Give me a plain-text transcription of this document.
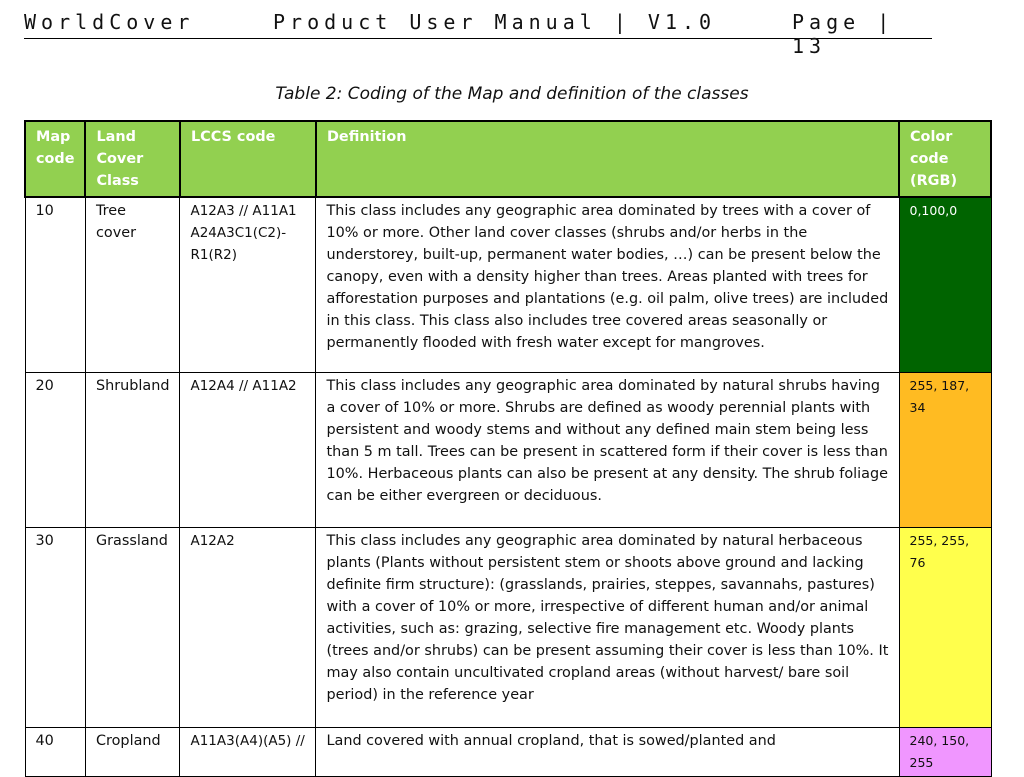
WorldCover	Product User Manual | V1.0	Page | 13
Table 2: Coding of the Map and definition of the classes
Map code	Land Cover Class	LCCS code	Definition	Color code (RGB)
10	Tree cover	A12A3 // A11A1 A24A3C1(C2)-R1(R2)	This class includes any geographic area dominated by trees with a cover of 10% or more. Other land cover classes (shrubs and/or herbs in the understorey, built-up, permanent water bodies, …) can be present below the canopy, even with a density higher than trees. Areas planted with trees for afforestation purposes and plantations (e.g. oil palm, olive trees) are included in this class. This class also includes tree covered areas seasonally or permanently flooded with fresh water except for mangroves.	0,100,0
20	Shrubland	A12A4 // A11A2	This class includes any geographic area dominated by natural shrubs having a cover of 10% or more. Shrubs are defined as woody perennial plants with persistent and woody stems and without any defined main stem being less than 5 m tall. Trees can be present in scattered form if their cover is less than 10%. Herbaceous plants can also be present at any density. The shrub foliage can be either evergreen or deciduous.	255, 187, 34
30	Grassland	A12A2	This class includes any geographic area dominated by natural herbaceous plants (Plants without persistent stem or shoots above ground and lacking definite firm structure): (grasslands, prairies, steppes, savannahs, pastures) with a cover of 10% or more, irrespective of different human and/or animal activities, such as: grazing, selective fire management etc. Woody plants (trees and/or shrubs) can be present assuming their cover is less than 10%. It may also contain uncultivated cropland areas (without harvest/ bare soil period) in the reference year	255, 255, 76
40	Cropland	A11A3(A4)(A5) //	Land covered with annual cropland, that is sowed/planted and	240, 150, 255
